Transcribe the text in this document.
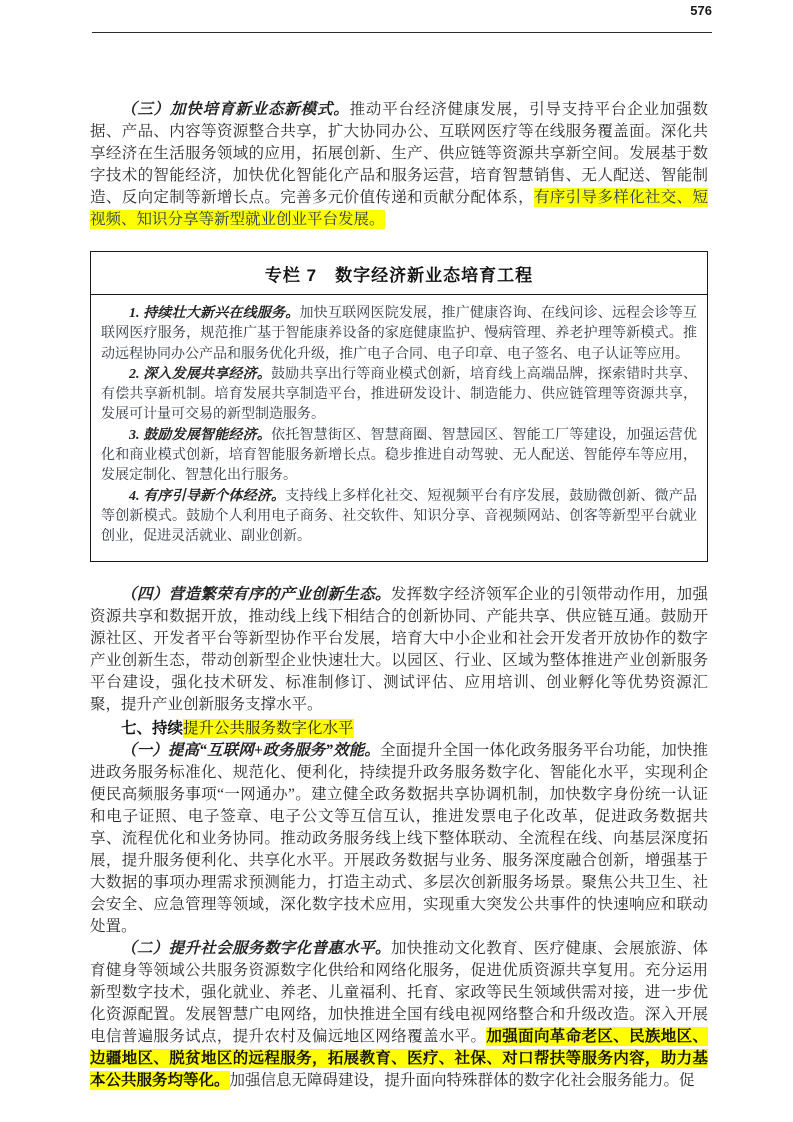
576

（三）加快培育新业态新模式。推动平台经济健康发展，引导支持平台企业加强数据、产品、内容等资源整合共享，扩大协同办公、互联网医疗等在线服务覆盖面。深化共享经济在生活服务领域的应用，拓展创新、生产、供应链等资源共享新空间。发展基于数字技术的智能经济，加快优化智能化产品和服务运营，培育智慧销售、无人配送、智能制造、反向定制等新增长点。完善多元价值传递和贡献分配体系，有序引导多样化社交、短视频、知识分享等新型就业创业平台发展。

专栏 7　数字经济新业态培育工程

1. 持续壮大新兴在线服务。加快互联网医院发展，推广健康咨询、在线问诊、远程会诊等互联网医疗服务，规范推广基于智能康养设备的家庭健康监护、慢病管理、养老护理等新模式。推动远程协同办公产品和服务优化升级，推广电子合同、电子印章、电子签名、电子认证等应用。

2. 深入发展共享经济。鼓励共享出行等商业模式创新，培育线上高端品牌，探索错时共享、有偿共享新机制。培育发展共享制造平台，推进研发设计、制造能力、供应链管理等资源共享，发展可计量可交易的新型制造服务。

3. 鼓励发展智能经济。依托智慧街区、智慧商圈、智慧园区、智能工厂等建设，加强运营优化和商业模式创新，培育智能服务新增长点。稳步推进自动驾驶、无人配送、智能停车等应用，发展定制化、智慧化出行服务。

4. 有序引导新个体经济。支持线上多样化社交、短视频平台有序发展，鼓励微创新、微产品等创新模式。鼓励个人利用电子商务、社交软件、知识分享、音视频网站、创客等新型平台就业创业，促进灵活就业、副业创新。

（四）营造繁荣有序的产业创新生态。发挥数字经济领军企业的引领带动作用，加强资源共享和数据开放，推动线上线下相结合的创新协同、产能共享、供应链互通。鼓励开源社区、开发者平台等新型协作平台发展，培育大中小企业和社会开发者开放协作的数字产业创新生态，带动创新型企业快速壮大。以园区、行业、区域为整体推进产业创新服务平台建设，强化技术研发、标准制修订、测试评估、应用培训、创业孵化等优势资源汇聚，提升产业创新服务支撑水平。

七、持续提升公共服务数字化水平

（一）提高“互联网+政务服务”效能。全面提升全国一体化政务服务平台功能，加快推进政务服务标准化、规范化、便利化，持续提升政务服务数字化、智能化水平，实现利企便民高频服务事项“一网通办”。建立健全政务数据共享协调机制，加快数字身份统一认证和电子证照、电子签章、电子公文等互信互认，推进发票电子化改革，促进政务数据共享、流程优化和业务协同。推动政务服务线上线下整体联动、全流程在线、向基层深度拓展，提升服务便利化、共享化水平。开展政务数据与业务、服务深度融合创新，增强基于大数据的事项办理需求预测能力，打造主动式、多层次创新服务场景。聚焦公共卫生、社会安全、应急管理等领域，深化数字技术应用，实现重大突发公共事件的快速响应和联动处置。

（二）提升社会服务数字化普惠水平。加快推动文化教育、医疗健康、会展旅游、体育健身等领域公共服务资源数字化供给和网络化服务，促进优质资源共享复用。充分运用新型数字技术，强化就业、养老、儿童福利、托育、家政等民生领域供需对接，进一步优化资源配置。发展智慧广电网络，加快推进全国有线电视网络整合和升级改造。深入开展电信普遍服务试点，提升农村及偏远地区网络覆盖水平。加强面向革命老区、民族地区、边疆地区、脱贫地区的远程服务，拓展教育、医疗、社保、对口帮扶等服务内容，助力基本公共服务均等化。加强信息无障碍建设，提升面向特殊群体的数字化社会服务能力。促
